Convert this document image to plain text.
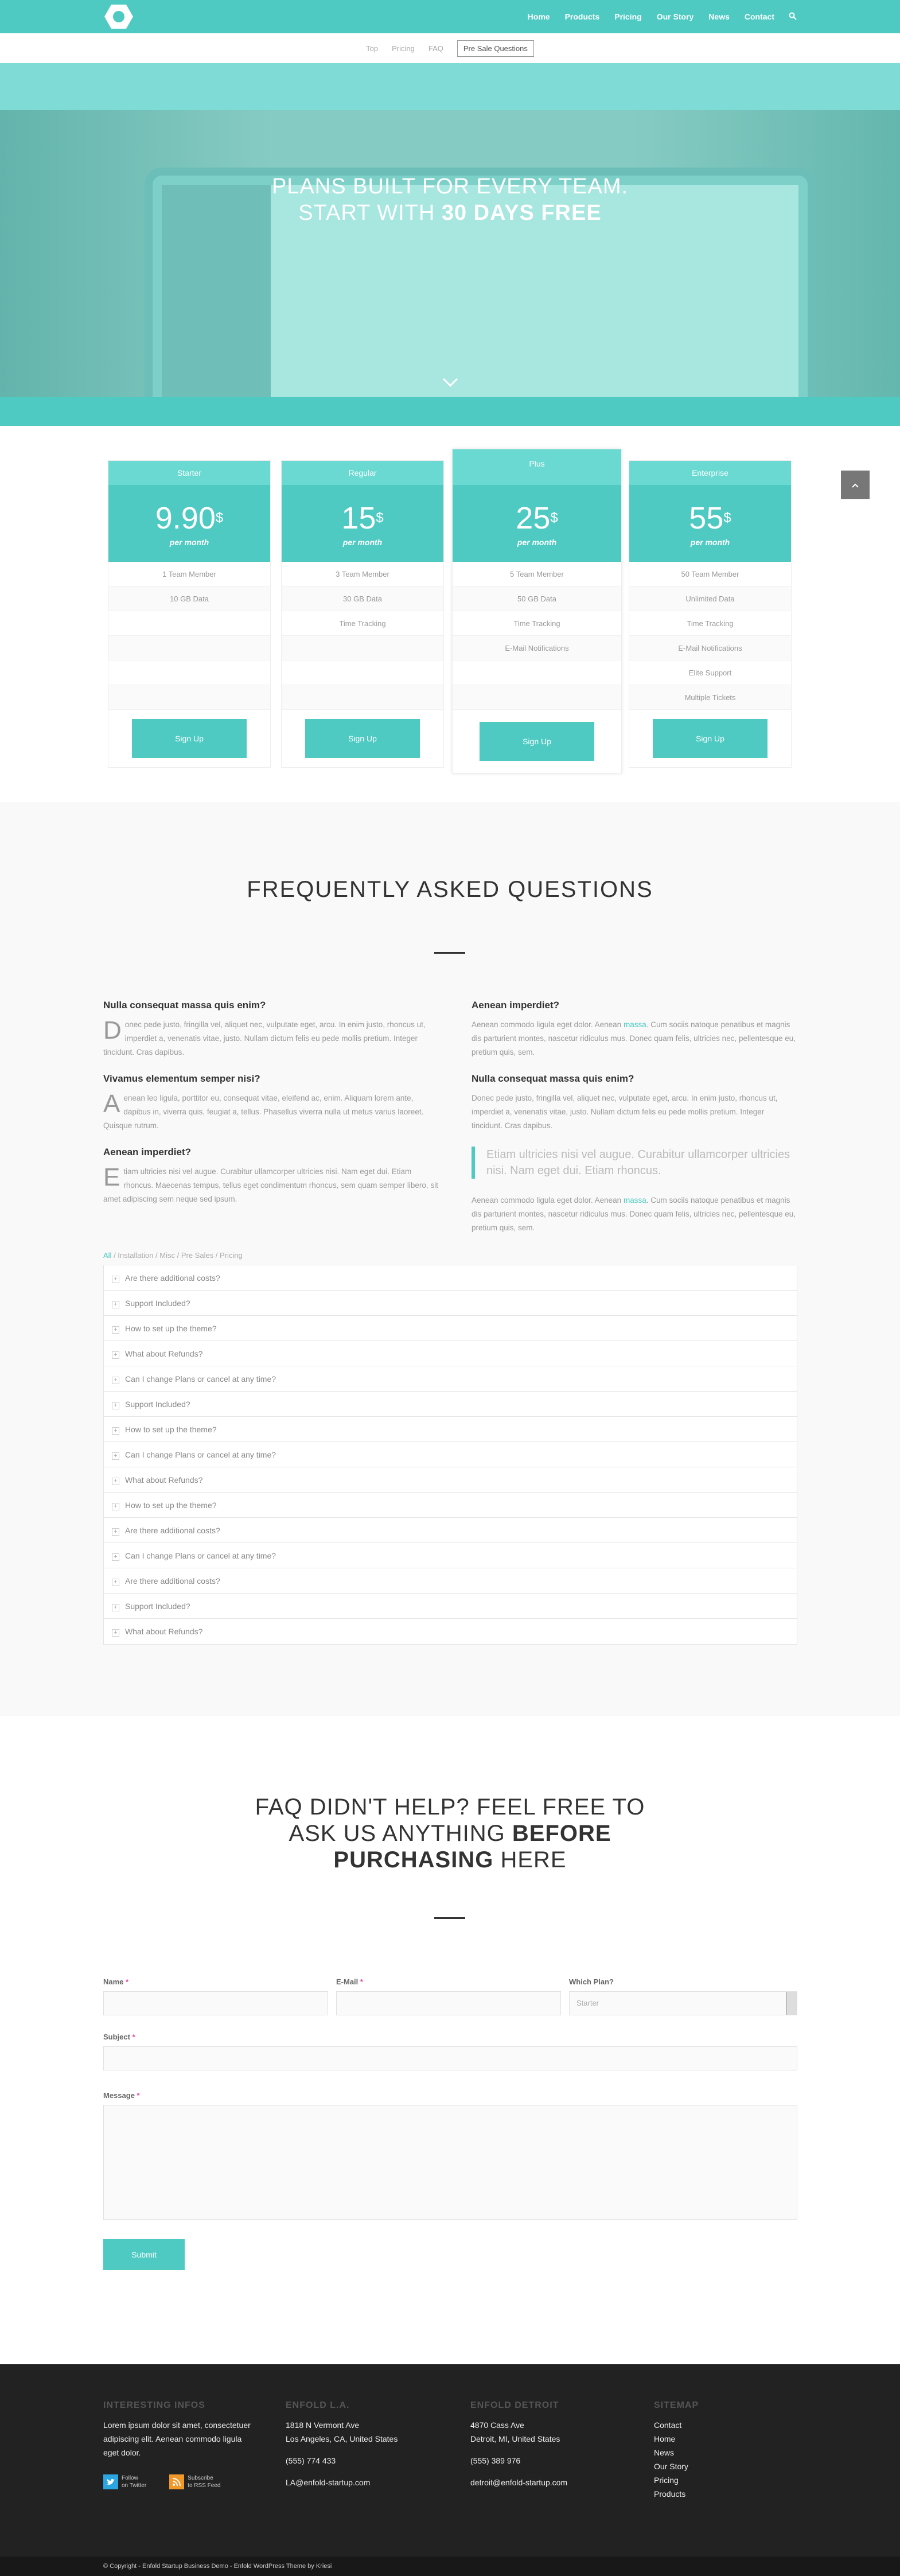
Home	Products	Pricing	Our Story	News	Contact
Top Pricing FAQ	Pre Sale Questions
PLANS BUILT FOR EVERY TEAM.
START WITH 30 DAYS FREE
Starter
9.90$
per month
1 Team Member
10 GB Data
Sign Up
Regular
15$
per month
3 Team Member
30 GB Data
Time Tracking
Sign Up
Plus
25$
per month
5 Team Member
50 GB Data
Time Tracking
E-Mail Notifications
Sign Up
Enterprise
55$
per month
50 Team Member
Unlimited Data
Time Tracking
E-Mail Notifications
Elite Support
Multiple Tickets
Sign Up
FREQUENTLY ASKED QUESTIONS
Nulla consequat massa quis enim?
Donec pede justo, fringilla vel, aliquet nec, vulputate eget, arcu. In enim justo, rhoncus ut, imperdiet a, venenatis vitae, justo. Nullam dictum felis eu pede mollis pretium. Integer tincidunt. Cras dapibus.
Vivamus elementum semper nisi?
Aenean leo ligula, porttitor eu, consequat vitae, eleifend ac, enim. Aliquam lorem ante, dapibus in, viverra quis, feugiat a, tellus. Phasellus viverra nulla ut metus varius laoreet. Quisque rutrum.
Aenean imperdiet?
Etiam ultricies nisi vel augue. Curabitur ullamcorper ultricies nisi. Nam eget dui. Etiam rhoncus. Maecenas tempus, tellus eget condimentum rhoncus, sem quam semper libero, sit amet adipiscing sem neque sed ipsum.
Aenean imperdiet?
Aenean commodo ligula eget dolor. Aenean massa. Cum sociis natoque penatibus et magnis dis parturient montes, nascetur ridiculus mus. Donec quam felis, ultricies nec, pellentesque eu, pretium quis, sem.
Nulla consequat massa quis enim?
Donec pede justo, fringilla vel, aliquet nec, vulputate eget, arcu. In enim justo, rhoncus ut, imperdiet a, venenatis vitae, justo. Nullam dictum felis eu pede mollis pretium. Integer tincidunt. Cras dapibus.
Etiam ultricies nisi vel augue. Curabitur ullamcorper ultricies nisi. Nam eget dui. Etiam rhoncus.
Aenean commodo ligula eget dolor. Aenean massa. Cum sociis natoque penatibus et magnis dis parturient montes, nascetur ridiculus mus. Donec quam felis, ultricies nec, pellentesque eu, pretium quis, sem.
All / Installation / Misc / Pre Sales / Pricing
+ Are there additional costs?
+ Support Included?
+ How to set up the theme?
+ What about Refunds?
+ Can I change Plans or cancel at any time?
+ Support Included?
+ How to set up the theme?
+ Can I change Plans or cancel at any time?
+ What about Refunds?
+ How to set up the theme?
+ Are there additional costs?
+ Can I change Plans or cancel at any time?
+ Are there additional costs?
+ Support Included?
+ What about Refunds?
FAQ DIDN'T HELP? FEEL FREE TO
ASK US ANYTHING BEFORE
PURCHASING HERE
Name *	E-Mail *	Which Plan?
Starter
Subject *
Message *
Submit
INTERESTING INFOS

Lorem ipsum dolor sit amet, consectetuer adipiscing elit. Aenean commodo ligula eget dolor.

Follow
on Twitter
Subscribe
to RSS Feed
ENFOLD L.A.

1818 N Vermont Ave
Los Angeles, CA, United States

(555) 774 433

LA@enfold-startup.com

ENFOLD DETROIT

4870 Cass Ave
Detroit, MI, United States

(555) 389 976

detroit@enfold-startup.com

SITEMAP
Contact
Home
News
Our Story
Pricing
Products
© Copyright - Enfold Startup Business Demo - Enfold WordPress Theme by Kriesi
